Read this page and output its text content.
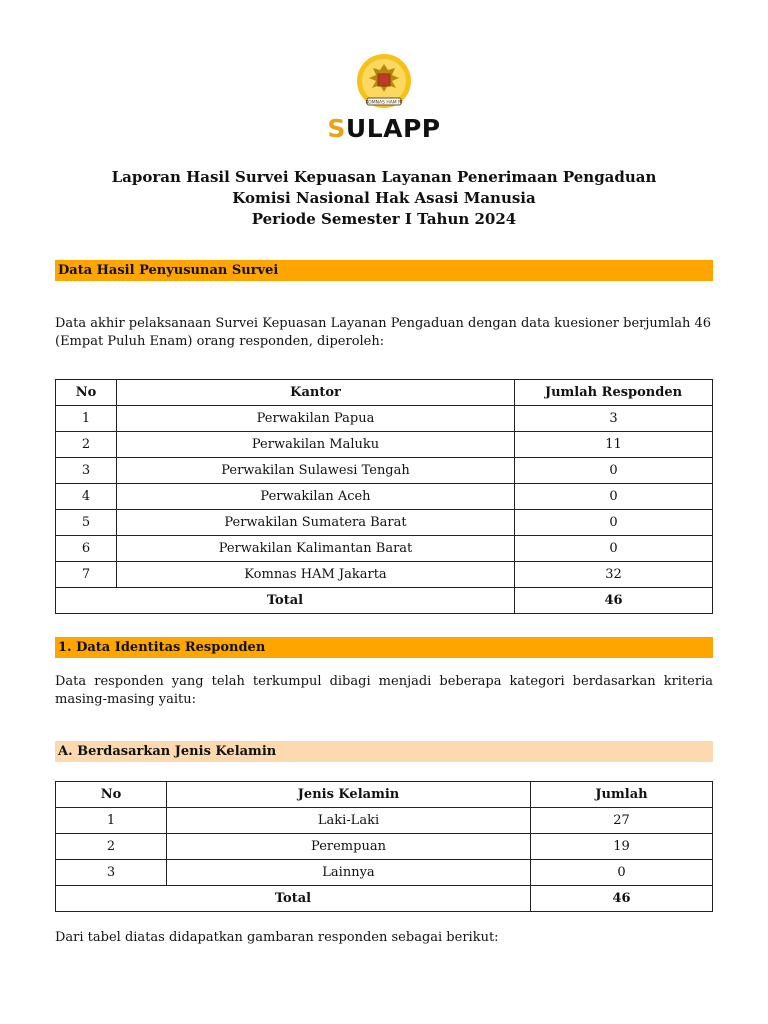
KOMNAS HAM RI
SULAPP
Laporan Hasil Survei Kepuasan Layanan Penerimaan Pengaduan
Komisi Nasional Hak Asasi Manusia
Periode Semester I Tahun 2024
Data Hasil Penyusunan Survei
Data akhir pelaksanaan Survei Kepuasan Layanan Pengaduan dengan data kuesioner berjumlah 46 (Empat Puluh Enam) orang responden, diperoleh:
No	Kantor	Jumlah Responden
1	Perwakilan Papua	3
2	Perwakilan Maluku	11
3	Perwakilan Sulawesi Tengah	0
4	Perwakilan Aceh	0
5	Perwakilan Sumatera Barat	0
6	Perwakilan Kalimantan Barat	0
7	Komnas HAM Jakarta	32
Total		46
1. Data Identitas Responden
Data responden yang telah terkumpul dibagi menjadi beberapa kategori berdasarkan kriteria masing-masing yaitu:
A. Berdasarkan Jenis Kelamin
No	Jenis Kelamin	Jumlah
1	Laki-Laki	27
2	Perempuan	19
3	Lainnya	0
Total		46
Dari tabel diatas didapatkan gambaran responden sebagai berikut:
